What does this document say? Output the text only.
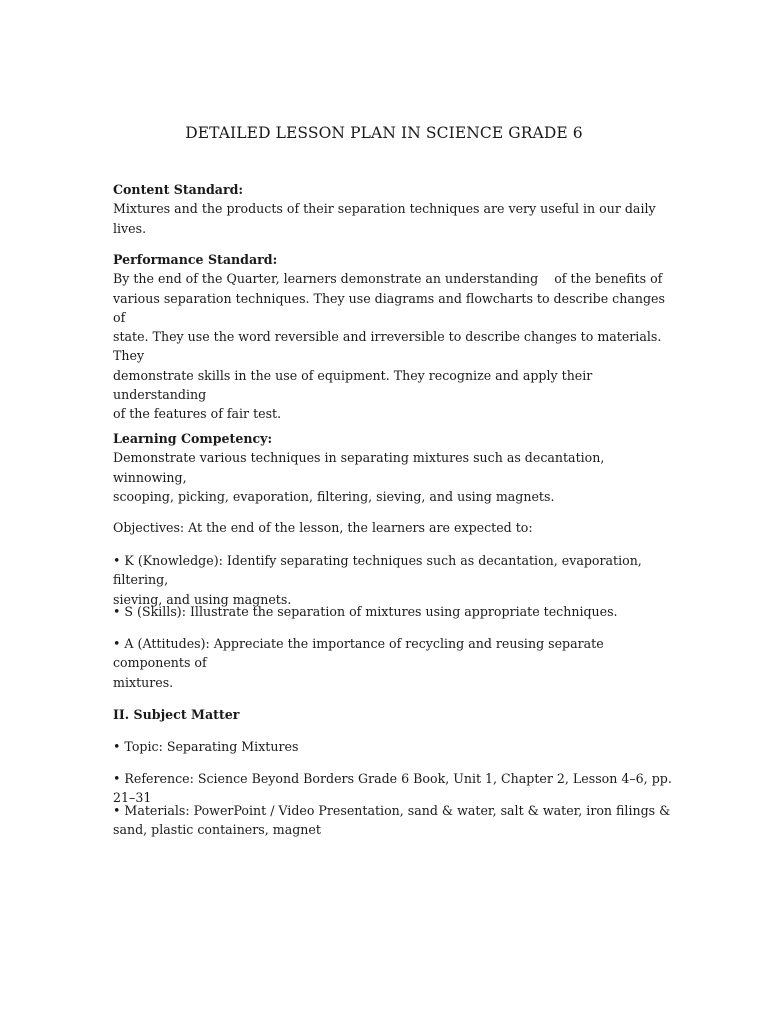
DETAILED LESSON PLAN IN SCIENCE GRADE 6
Content Standard:
Mixtures and the products of their separation techniques are very useful in our daily lives.
Performance Standard:
By the end of the Quarter, learners demonstrate an understanding    of the benefits of
various separation techniques. They use diagrams and flowcharts to describe changes of
state. They use the word reversible and irreversible to describe changes to materials. They
demonstrate skills in the use of equipment. They recognize and apply their understanding
of the features of fair test.
Learning Competency:
Demonstrate various techniques in separating mixtures such as decantation, winnowing,
scooping, picking, evaporation, filtering, sieving, and using magnets.
Objectives: At the end of the lesson, the learners are expected to:
• K (Knowledge): Identify separating techniques such as decantation, evaporation, filtering,
sieving, and using magnets.
• S (Skills): Illustrate the separation of mixtures using appropriate techniques.
• A (Attitudes): Appreciate the importance of recycling and reusing separate components of
mixtures.
II. Subject Matter
• Topic: Separating Mixtures
• Reference: Science Beyond Borders Grade 6 Book, Unit 1, Chapter 2, Lesson 4–6, pp. 21–31
• Materials: PowerPoint / Video Presentation, sand & water, salt & water, iron filings &
sand, plastic containers, magnet
